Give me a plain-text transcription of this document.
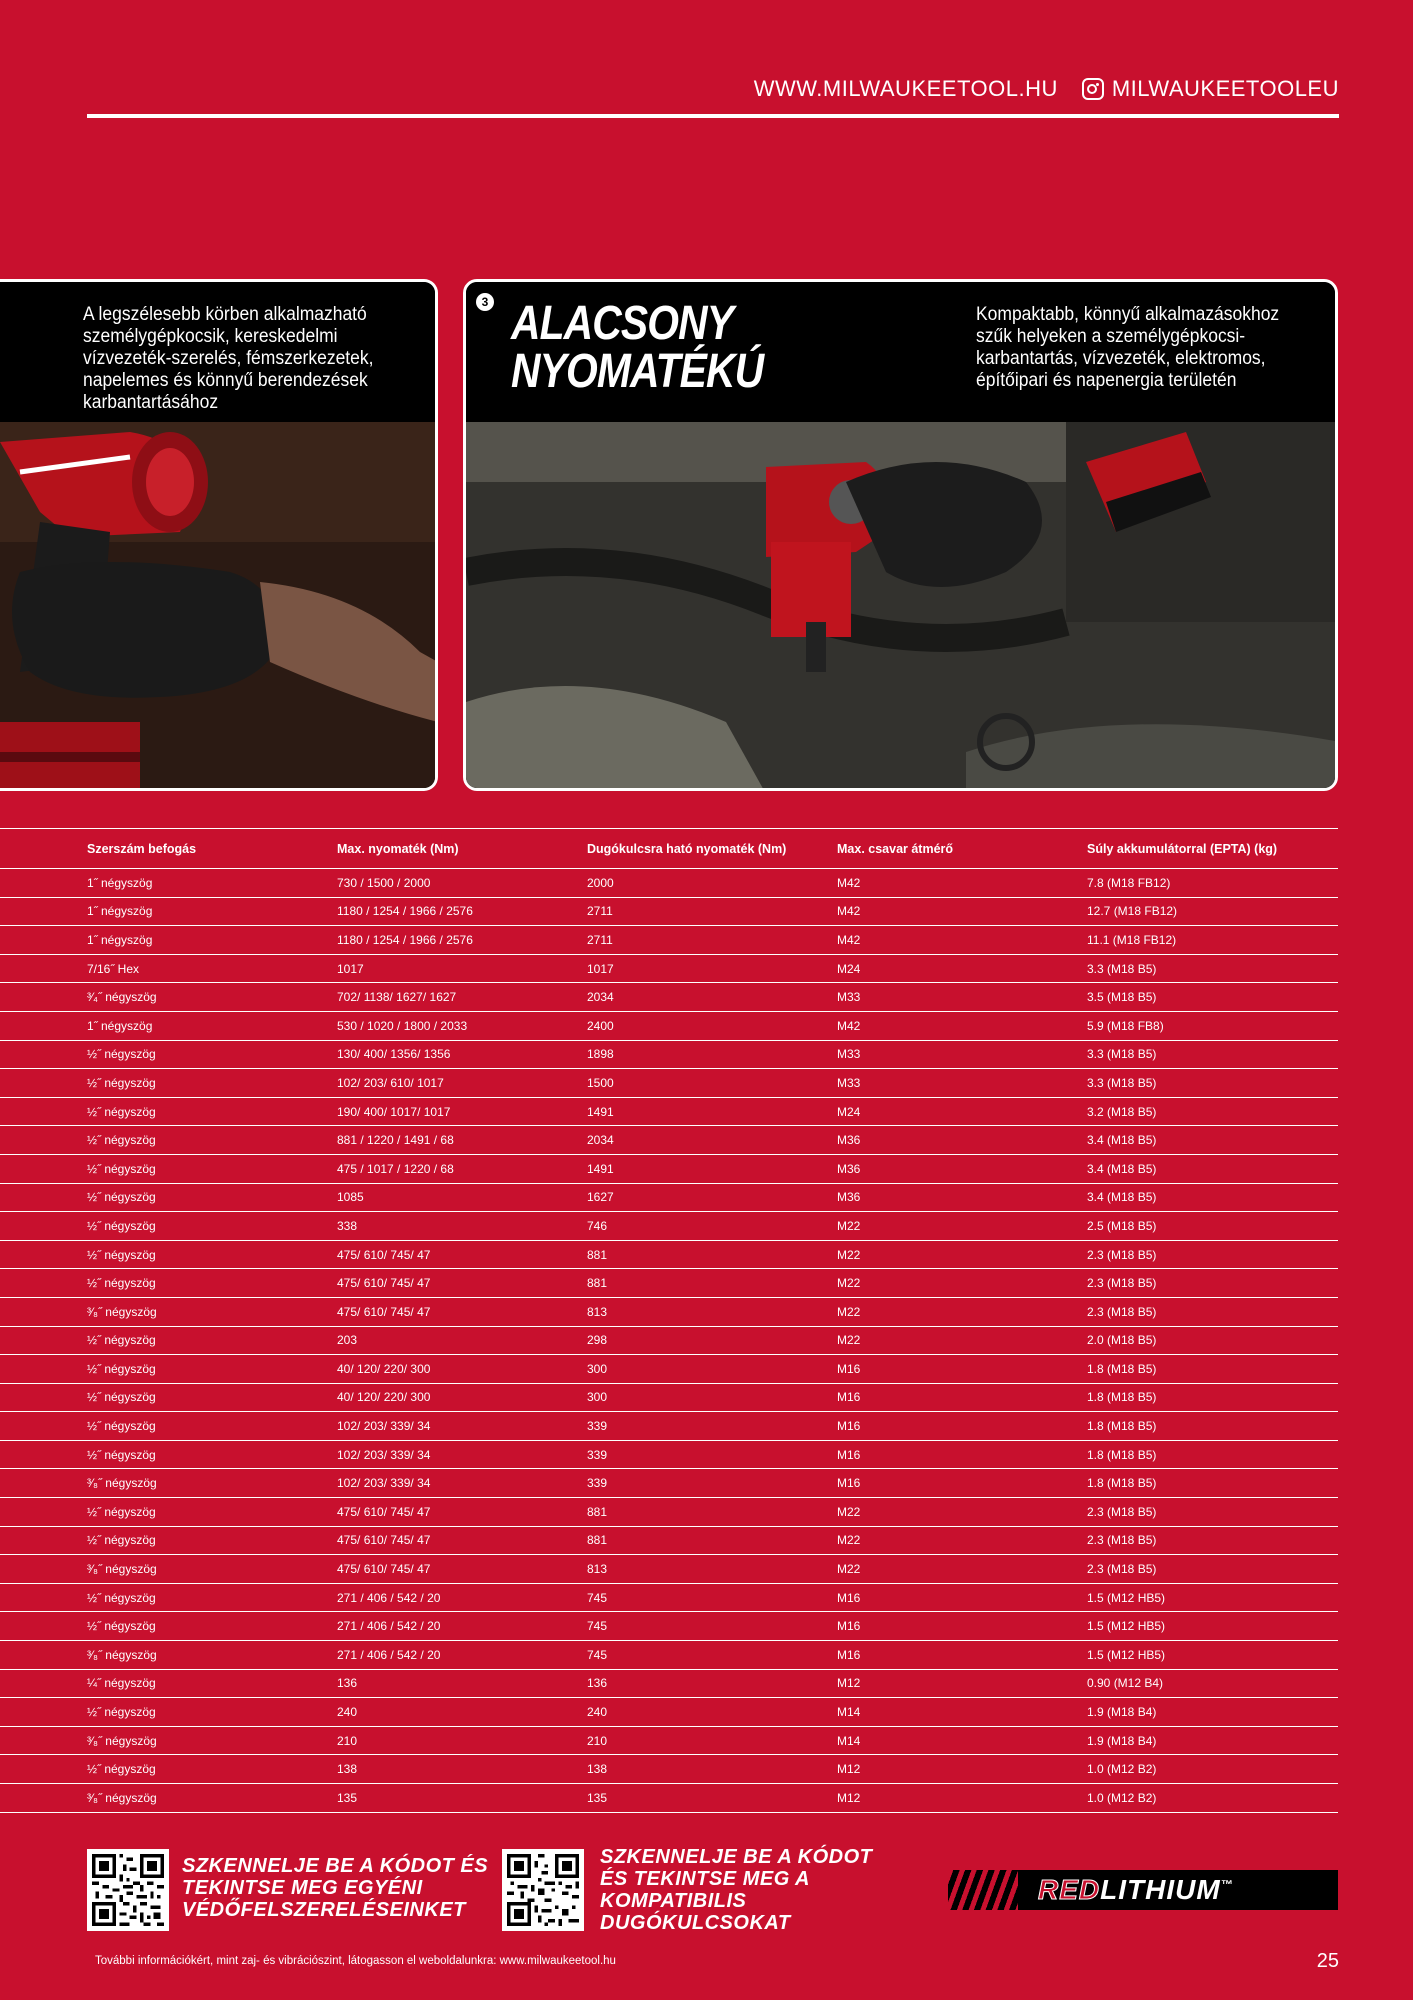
WWW.MILWAUKEETOOL.HU MILWAUKEETOOLEU

A legszélesebb körben alkalmazható személygépkocsik, kereskedelmi vízvezeték-szerelés, fémszerkezetek, napelemes és könnyű berendezések karbantartásához

3 ALACSONY
NYOMATÉKÚ

Kompaktabb, könnyű alkalmazásokhoz szűk helyeken a személygépkocsi-karbantartás, vízvezeték, elektromos, építőipari és napenergia területén

Szerszám befogás	Max. nyomaték (Nm)	Dugókulcsra ható nyomaték (Nm)	Max. csavar átmérő	Súly akkumulátorral (EPTA) (kg)
1˝ négyszög	730 / 1500 / 2000	2000	M42	7.8 (M18 FB12)
1˝ négyszög	1180 / 1254 / 1966 / 2576	2711	M42	12.7 (M18 FB12)
1˝ négyszög	1180 / 1254 / 1966 / 2576	2711	M42	11.1 (M18 FB12)
7/16˝ Hex	1017	1017	M24	3.3 (M18 B5)
³⁄₄˝ négyszög	702/ 1138/ 1627/ 1627	2034	M33	3.5 (M18 B5)
1˝ négyszög	530 / 1020 / 1800 / 2033	2400	M42	5.9 (M18 FB8)
½˝ négyszög	130/ 400/ 1356/ 1356	1898	M33	3.3 (M18 B5)
½˝ négyszög	102/ 203/ 610/ 1017	1500	M33	3.3 (M18 B5)
½˝ négyszög	190/ 400/ 1017/ 1017	1491	M24	3.2 (M18 B5)
½˝ négyszög	881 / 1220 / 1491 / 68	2034	M36	3.4 (M18 B5)
½˝ négyszög	475 / 1017 / 1220 / 68	1491	M36	3.4 (M18 B5)
½˝ négyszög	1085	1627	M36	3.4 (M18 B5)
½˝ négyszög	338	746	M22	2.5 (M18 B5)
½˝ négyszög	475/ 610/ 745/ 47	881	M22	2.3 (M18 B5)
½˝ négyszög	475/ 610/ 745/ 47	881	M22	2.3 (M18 B5)
³⁄₈˝ négyszög	475/ 610/ 745/ 47	813	M22	2.3 (M18 B5)
½˝ négyszög	203	298	M22	2.0 (M18 B5)
½˝ négyszög	40/ 120/ 220/ 300	300	M16	1.8 (M18 B5)
½˝ négyszög	40/ 120/ 220/ 300	300	M16	1.8 (M18 B5)
½˝ négyszög	102/ 203/ 339/ 34	339	M16	1.8 (M18 B5)
½˝ négyszög	102/ 203/ 339/ 34	339	M16	1.8 (M18 B5)
³⁄₈˝ négyszög	102/ 203/ 339/ 34	339	M16	1.8 (M18 B5)
½˝ négyszög	475/ 610/ 745/ 47	881	M22	2.3 (M18 B5)
½˝ négyszög	475/ 610/ 745/ 47	881	M22	2.3 (M18 B5)
³⁄₈˝ négyszög	475/ 610/ 745/ 47	813	M22	2.3 (M18 B5)
½˝ négyszög	271 / 406 / 542 / 20	745	M16	1.5 (M12 HB5)
½˝ négyszög	271 / 406 / 542 / 20	745	M16	1.5 (M12 HB5)
³⁄₈˝ négyszög	271 / 406 / 542 / 20	745	M16	1.5 (M12 HB5)
¼˝ négyszög	136	136	M12	0.90 (M12 B4)
½˝ négyszög	240	240	M14	1.9 (M18 B4)
³⁄₈˝ négyszög	210	210	M14	1.9 (M18 B4)
½˝ négyszög	138	138	M12	1.0 (M12 B2)
³⁄₈˝ négyszög	135	135	M12	1.0 (M12 B2)
SZKENNELJE BE A KÓDOT ÉS TEKINTSE MEG EGYÉNI VÉDŐFELSZERELÉSEINKET
SZKENNELJE BE A KÓDOT ÉS TEKINTSE MEG A KOMPATIBILIS DUGÓKULCSOKAT
REDLITHIUM™
További információkért, mint zaj- és vibrációszint, látogasson el weboldalunkra: www.milwaukeetool.hu	25
